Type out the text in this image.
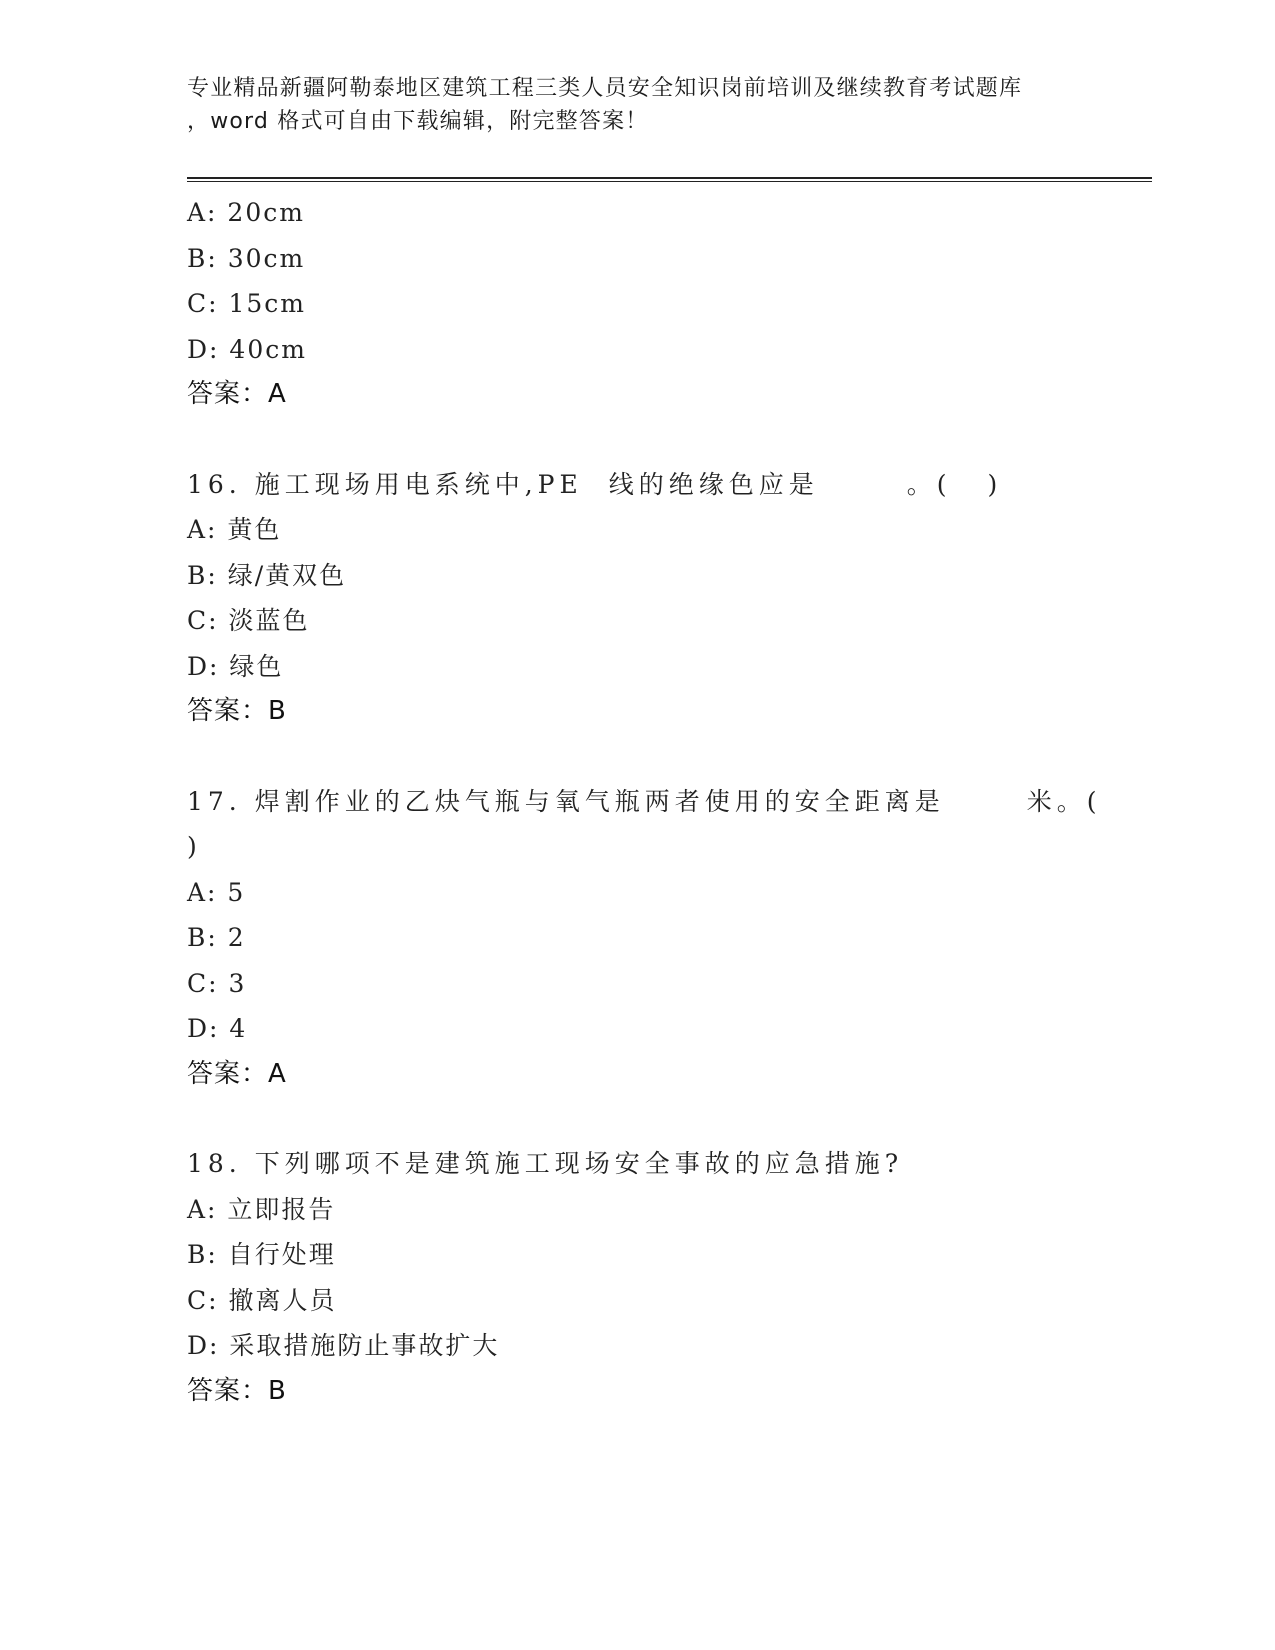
专业精品新疆阿勒泰地区建筑工程三类人员安全知识岗前培训及继续教育考试题库

，word 格式可自由下载编辑，附完整答案！

A: 20cm
B: 30cm
C: 15cm
D: 40cm
答案：A
16. 施工现场用电系统中,PE 线的绝缘色应是	。( )
A: 黄色
B: 绿/黄双色
C: 淡蓝色
D: 绿色
答案：B
17. 焊割作业的乙炔气瓶与氧气瓶两者使用的安全距离是	米。(
)
A: 5
B: 2
C: 3
D: 4
答案：A
18. 下列哪项不是建筑施工现场安全事故的应急措施?
A: 立即报告
B: 自行处理
C: 撤离人员
D: 采取措施防止事故扩大
答案：B
